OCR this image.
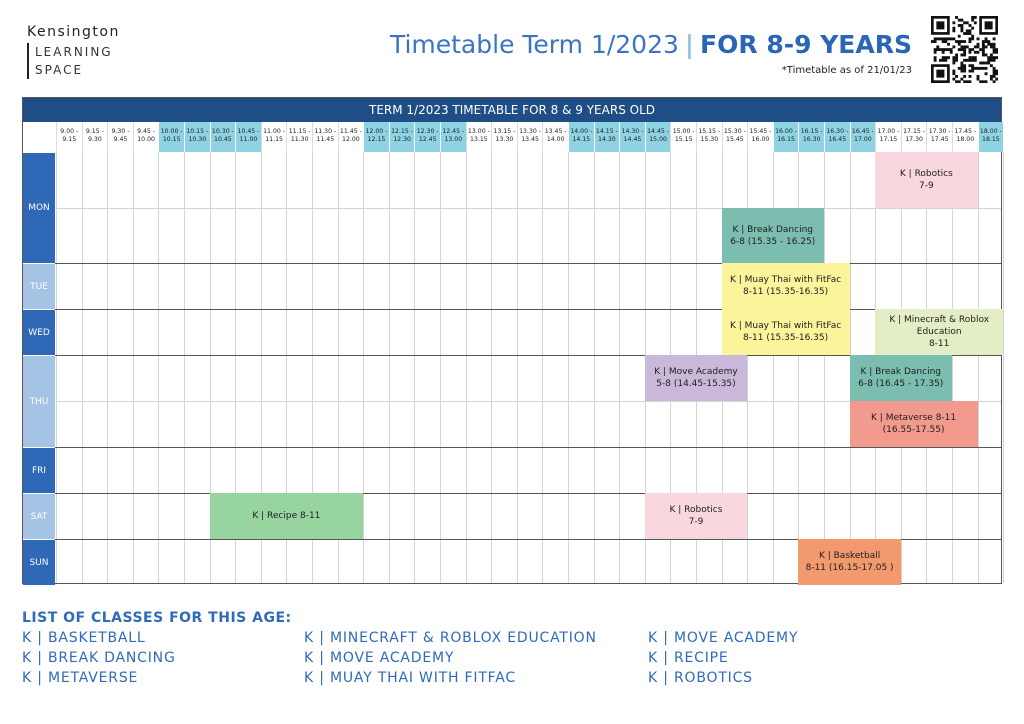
Kensington
LEARNING
SPACE
Timetable Term 1/2023 | FOR 8-9 YEARS
*Timetable as of 21/01/23
TERM 1/2023 TIMETABLE FOR 8 & 9 YEARS OLD
9.00 -
9.15
9.15 -
9.30
9.30 -
9.45
9.45 -
10.00
10.00 -
10.15
10.15 -
10.30
10.30 -
10.45
10.45 -
11.00
11.00 -
11.15
11.15 -
11.30
11.30 -
11.45
11.45 -
12.00
12.00 -
12.15
12.15 -
12.30
12.30 -
12.45
12.45 -
13.00
13.00 -
13.15
13.15 -
13.30
13.30 -
13.45
13.45 -
14.00
14.00 -
14.15
14.15 -
14.30
14.30 -
14.45
14.45 -
15.00
15.00 -
15.15
15.15 -
15.30
15.30 -
15.45
15.45 -
16.00
16.00 -
16.15
16.15 -
16.30
16.30 -
16.45
16.45 -
17.00
17.00 -
17.15
17.15 -
17.30
17.30 -
17.45
17.45 -
18.00
18.00 -
18.15
MON
TUE
WED
THU
FRI
SAT
SUN
K | Robotics
7-9
K | Break Dancing
6-8 (15.35 - 16.25)
K | Muay Thai with FitFac
8-11 (15.35-16.35)
K | Muay Thai with FitFac
8-11 (15.35-16.35)
K | Minecraft & Roblox
Education
8-11
K | Move Academy
5-8 (14.45-15.35)
K | Break Dancing
6-8 (16.45 - 17.35)
K | Metaverse 8-11
(16.55-17.55)
K | Recipe 8-11
K | Robotics
7-9
K | Basketball
8-11 (16.15-17.05 )
LIST OF CLASSES FOR THIS AGE:
K | BASKETBALL
K | BREAK DANCING
K | METAVERSE
K | MINECRAFT & ROBLOX EDUCATION
K | MOVE ACADEMY
K | MUAY THAI WITH FITFAC
K | MOVE ACADEMY
K | RECIPE
K | ROBOTICS
